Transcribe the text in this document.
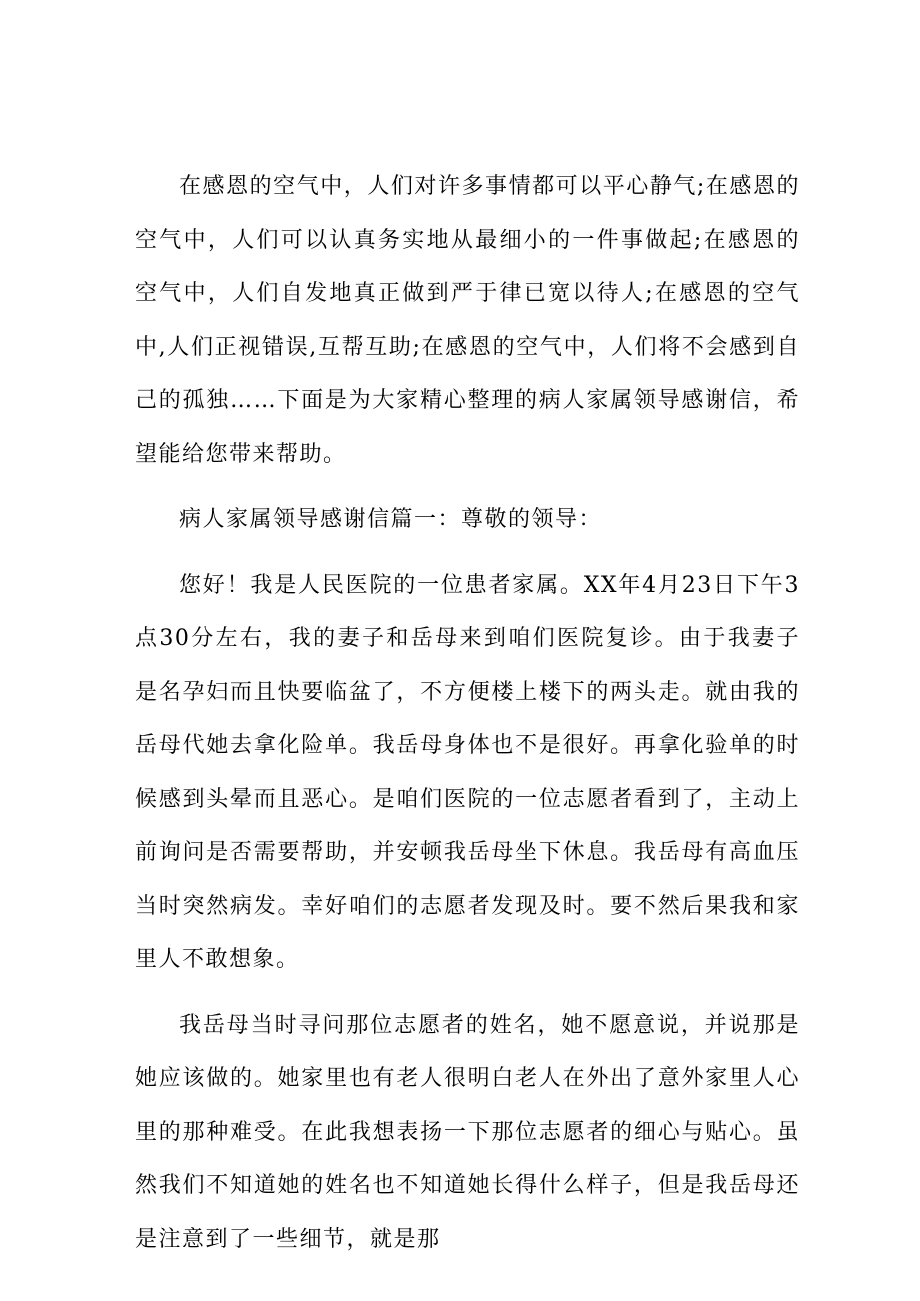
在感恩的空气中，人们对许多事情都可以平心静气;在感恩的空气中，人们可以认真务实地从最细小的一件事做起;在感恩的空气中，人们自发地真正做到严于律已宽以待人;在感恩的空气中,人们正视错误,互帮互助;在感恩的空气中，人们将不会感到自己的孤独……下面是为大家精心整理的病人家属领导感谢信，希望能给您带来帮助。

病人家属领导感谢信篇一：尊敬的领导：

您好！我是人民医院的一位患者家属。XX年4月23日下午3点30分左右，我的妻子和岳母来到咱们医院复诊。由于我妻子是名孕妇而且快要临盆了，不方便楼上楼下的两头走。就由我的岳母代她去拿化险单。我岳母身体也不是很好。再拿化验单的时候感到头晕而且恶心。是咱们医院的一位志愿者看到了，主动上前询问是否需要帮助，并安顿我岳母坐下休息。我岳母有高血压当时突然病发。幸好咱们的志愿者发现及时。要不然后果我和家里人不敢想象。

我岳母当时寻问那位志愿者的姓名，她不愿意说，并说那是她应该做的。她家里也有老人很明白老人在外出了意外家里人心里的那种难受。在此我想表扬一下那位志愿者的细心与贴心。虽然我们不知道她的姓名也不知道她长得什么样子，但是我岳母还是注意到了一些细节，就是那
